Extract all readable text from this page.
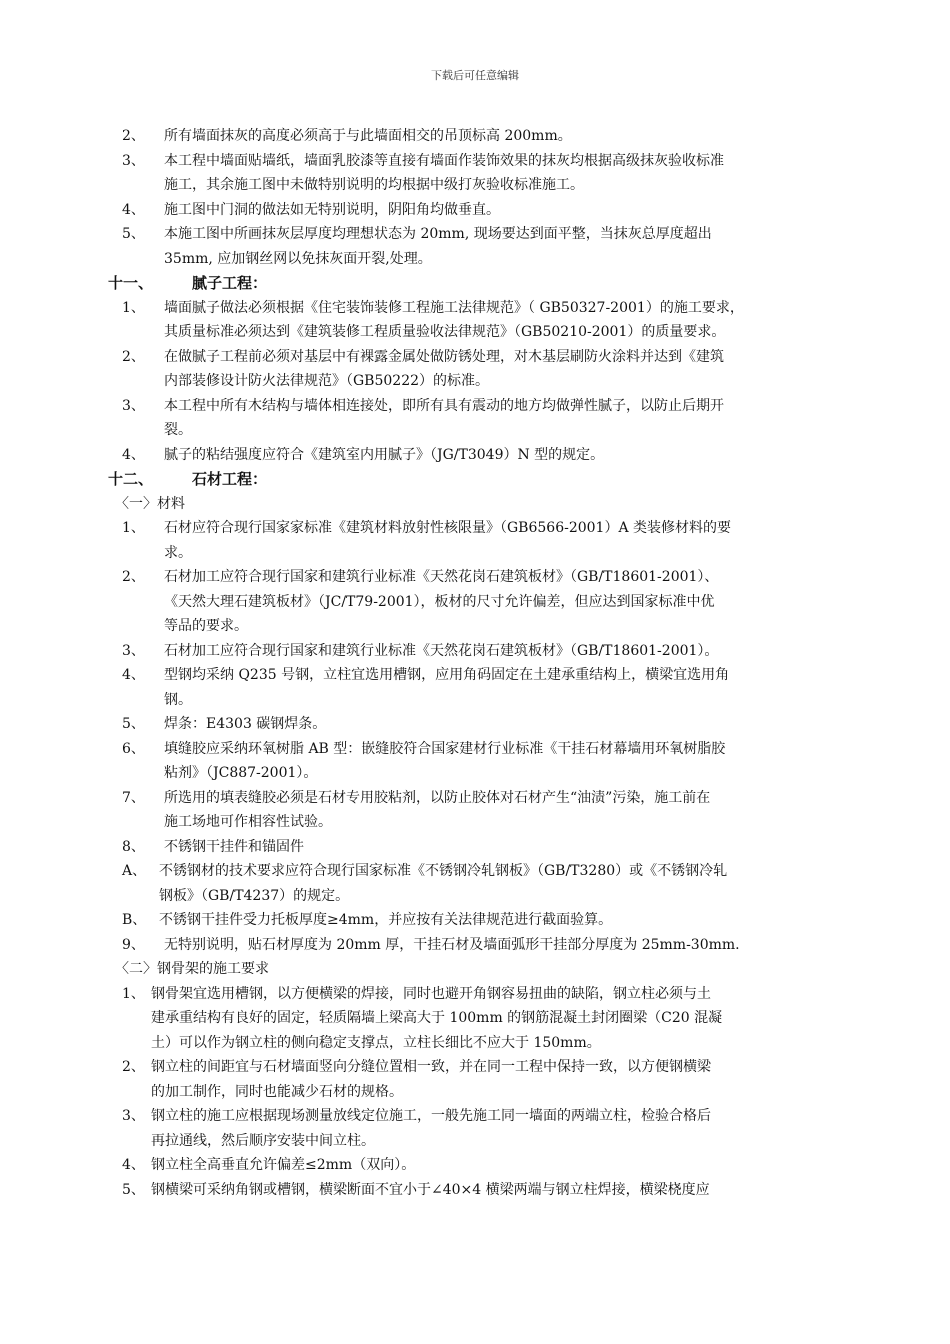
下载后可任意编辑
2、 所有墙面抹灰的高度必须高于与此墙面相交的吊顶标高 200mm。
3、 本工程中墙面贴墙纸，墙面乳胶漆等直接有墙面作装饰效果的抹灰均根据高级抹灰验收标准
施工，其余施工图中未做特别说明的均根据中级打灰验收标准施工。
4、 施工图中门洞的做法如无特别说明，阴阳角均做垂直。
5、 本施工图中所画抹灰层厚度均理想状态为 20mm, 现场要达到面平整，当抹灰总厚度超出
35mm, 应加钢丝网以免抹灰面开裂,处理。
十一、	腻子工程：
1、 墙面腻子做法必须根据《住宅装饰装修工程施工法律规范》（ GB50327-2001）的施工要求，
其质量标准必须达到《建筑装修工程质量验收法律规范》（GB50210-2001）的质量要求。
2、 在做腻子工程前必须对基层中有裸露金属处做防锈处理，对木基层刷防火涂料并达到《建筑
内部装修设计防火法律规范》（GB50222）的标准。
3、 本工程中所有木结构与墙体相连接处，即所有具有震动的地方均做弹性腻子，以防止后期开
裂。
4、 腻子的粘结强度应符合《建筑室内用腻子》（JG/T3049）N 型的规定。
十二、	石材工程：
〈一〉材料
1、 石材应符合现行国家家标准《建筑材料放射性核限量》（GB6566-2001）A 类装修材料的要
求。
2、 石材加工应符合现行国家和建筑行业标准《天然花岗石建筑板材》（GB/T18601-2001）、
《天然大理石建筑板材》（JC/T79-2001），板材的尺寸允许偏差，但应达到国家标准中优
等品的要求。
3、 石材加工应符合现行国家和建筑行业标准《天然花岗石建筑板材》（GB/T18601-2001）。
4、 型钢均采纳 Q235 号钢，立柱宜选用槽钢，应用角码固定在土建承重结构上，横梁宜选用角
钢。
5、 焊条：E4303 碳钢焊条。
6、 填缝胶应采纳环氧树脂 AB 型：嵌缝胶符合国家建材行业标准《干挂石材幕墙用环氧树脂胶
粘剂》（JC887-2001）。
7、 所选用的填表缝胶必须是石材专用胶粘剂，以防止胶体对石材产生“油渍”污染，施工前在
施工场地可作相容性试验。
8、 不锈钢干挂件和锚固件
A、 不锈钢材的技术要求应符合现行国家标准《不锈钢冷轧钢板》（GB/T3280）或《不锈钢冷轧
钢板》（GB/T4237）的规定。
B、 不锈钢干挂件受力托板厚度≥4mm，并应按有关法律规范进行截面验算。
9、 无特别说明，贴石材厚度为 20mm 厚，干挂石材及墙面弧形干挂部分厚度为 25mm-30mm.
〈二〉钢骨架的施工要求
1、 钢骨架宜选用槽钢，以方便横梁的焊接，同时也避开角钢容易扭曲的缺陷，钢立柱必须与土
建承重结构有良好的固定，轻质隔墙上梁高大于 100mm 的钢筋混凝土封闭圈梁（C20 混凝
土）可以作为钢立柱的侧向稳定支撑点，立柱长细比不应大于 150mm。
2、 钢立柱的间距宜与石材墙面竖向分缝位置相一致，并在同一工程中保持一致，以方便钢横梁
的加工制作，同时也能减少石材的规格。
3、 钢立柱的施工应根据现场测量放线定位施工，一般先施工同一墙面的两端立柱，检验合格后
再拉通线，然后顺序安装中间立柱。
4、 钢立柱全高垂直允许偏差≤2mm（双向）。
5、 钢横梁可采纳角钢或槽钢，横梁断面不宜小于∠40×4 横梁两端与钢立柱焊接，横梁桡度应
